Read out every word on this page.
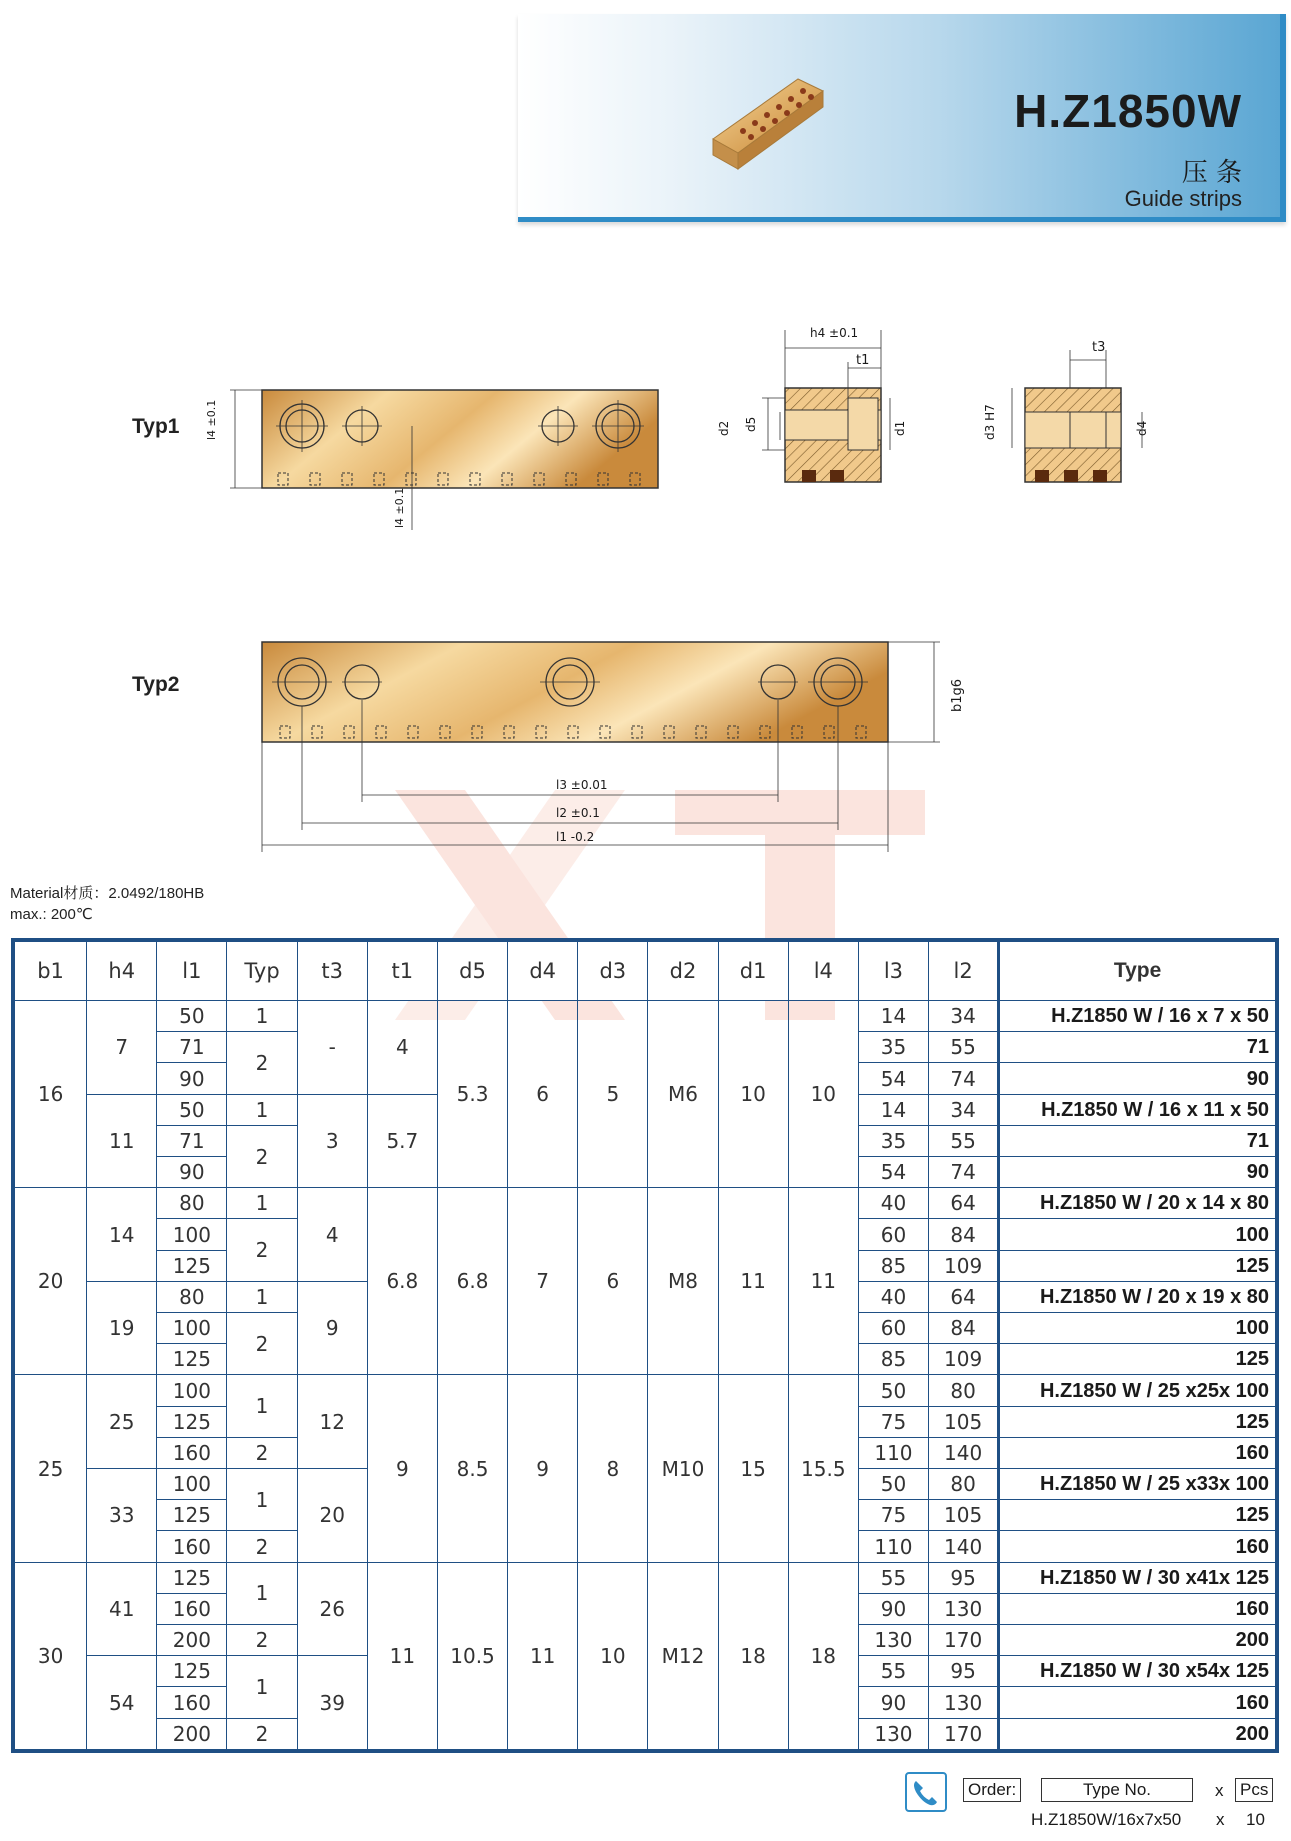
H.Z1850W
压 条
Guide strips
Typ1 l4 ±0.1
l4 ±0.1
h4 ±0.1
t1
d2 d5	d1
t3
d3 H7	d4
Typ2	b1g6
l3 ±0.01
l2 ±0.1
l1 -0.2
Material材质：2.0492/180HB
max.: 200℃
b1	h4	l1	Typ	t3	t1	d5	d4	d3	d2	d1	l4	l3	l2	Type
16	7	50	1	-	4	5.3	6	5	M6	10	10	14	34	H.Z1850 W / 16 x 7 x 50
		71	2									35	55	71
		90										54	74	90
	11	50	1	3	5.7							14	34	H.Z1850 W / 16 x 11 x 50
		71	2									35	55	71
		90										54	74	90
20	14	80	1	4	6.8	6.8	7	6	M8	11	11	40	64	H.Z1850 W / 20 x 14 x 80
		100	2									60	84	100
		125										85	109	125
	19	80	1	9								40	64	H.Z1850 W / 20 x 19 x 80
		100	2									60	84	100
		125										85	109	125
25	25	100	1	12	9	8.5	9	8	M10	15	15.5	50	80	H.Z1850 W / 25 x25x 100
		125										75	105	125
		160	2									110	140	160
	33	100	1	20								50	80	H.Z1850 W / 25 x33x 100
		125										75	105	125
		160	2									110	140	160
30	41	125	1	26	11	10.5	11	10	M12	18	18	55	95	H.Z1850 W / 30 x41x 125
		160										90	130	160
		200	2									130	170	200
	54	125	1	39								55	95	H.Z1850 W / 30 x54x 125
		160										90	130	160
		200	2									130	170	200
Order:	Type No.	x Pcs
H.Z1850W/16x7x50 x 10
